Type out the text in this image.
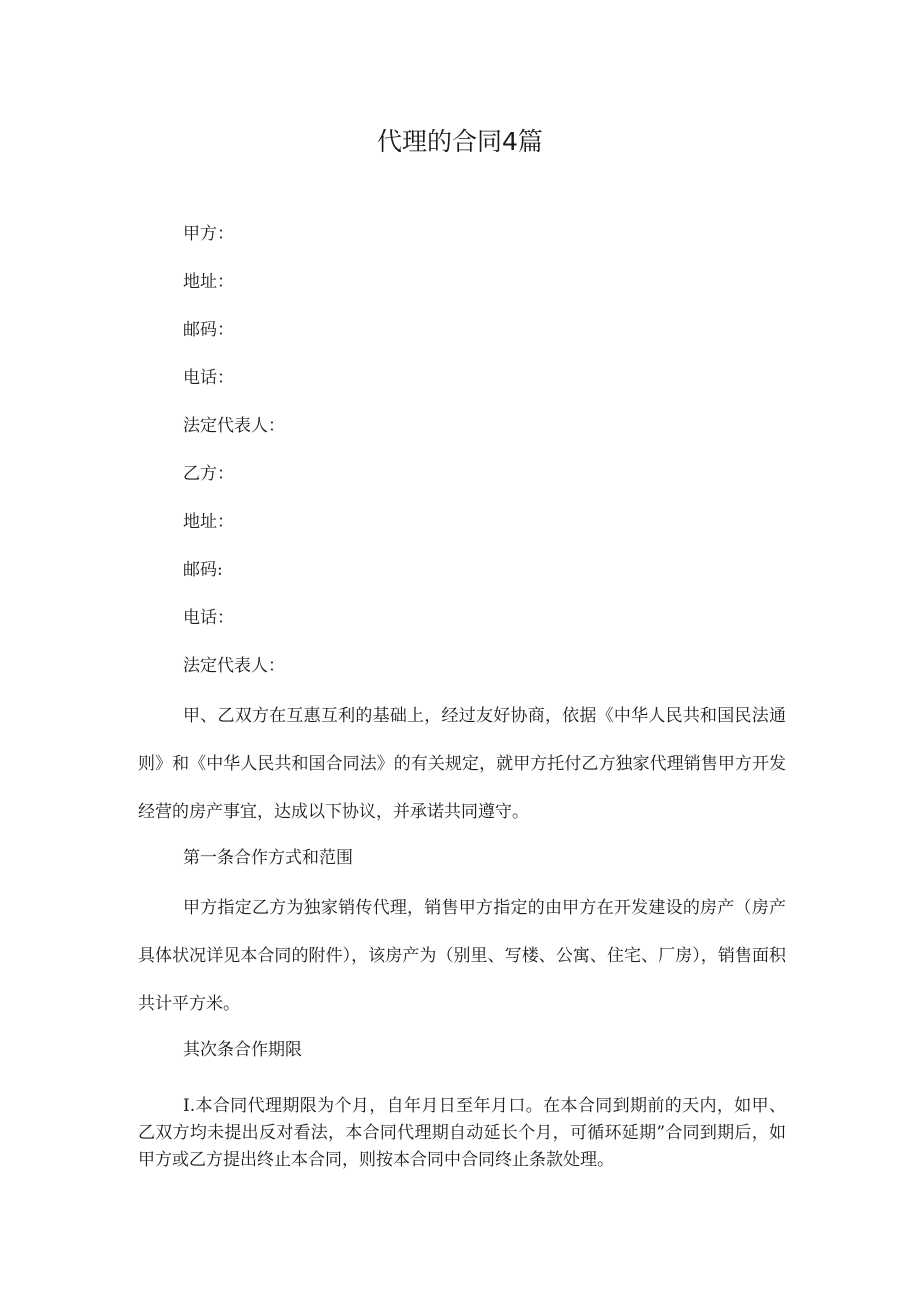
代理的合同4篇
甲方：
地址：
邮码：
电话：
法定代表人：
乙方：
地址：
邮码:
电话：
法定代表人：

甲、乙双方在互惠互利的基础上，经过友好协商，依据《中华人民共和国民法通则》和《中华人民共和国合同法》的有关规定，就甲方托付乙方独家代理销售甲方开发经营的房产事宜，达成以下协议，并承诺共同遵守。

第一条合作方式和范围

甲方指定乙方为独家销传代理，销售甲方指定的由甲方在开发建设的房产（房产具体状况详见本合同的附件），该房产为（别里、写楼、公寓、住宅、厂房），销售面积共计平方米。

其次条合作期限

I.本合同代理期限为个月，自年月日至年月口。在本合同到期前的天内，如甲、乙双方均未提出反对看法，本合同代理期自动延长个月，可循环延期”合同到期后，如甲方或乙方提出终止本合同，则按本合同中合同终止条款处理。
